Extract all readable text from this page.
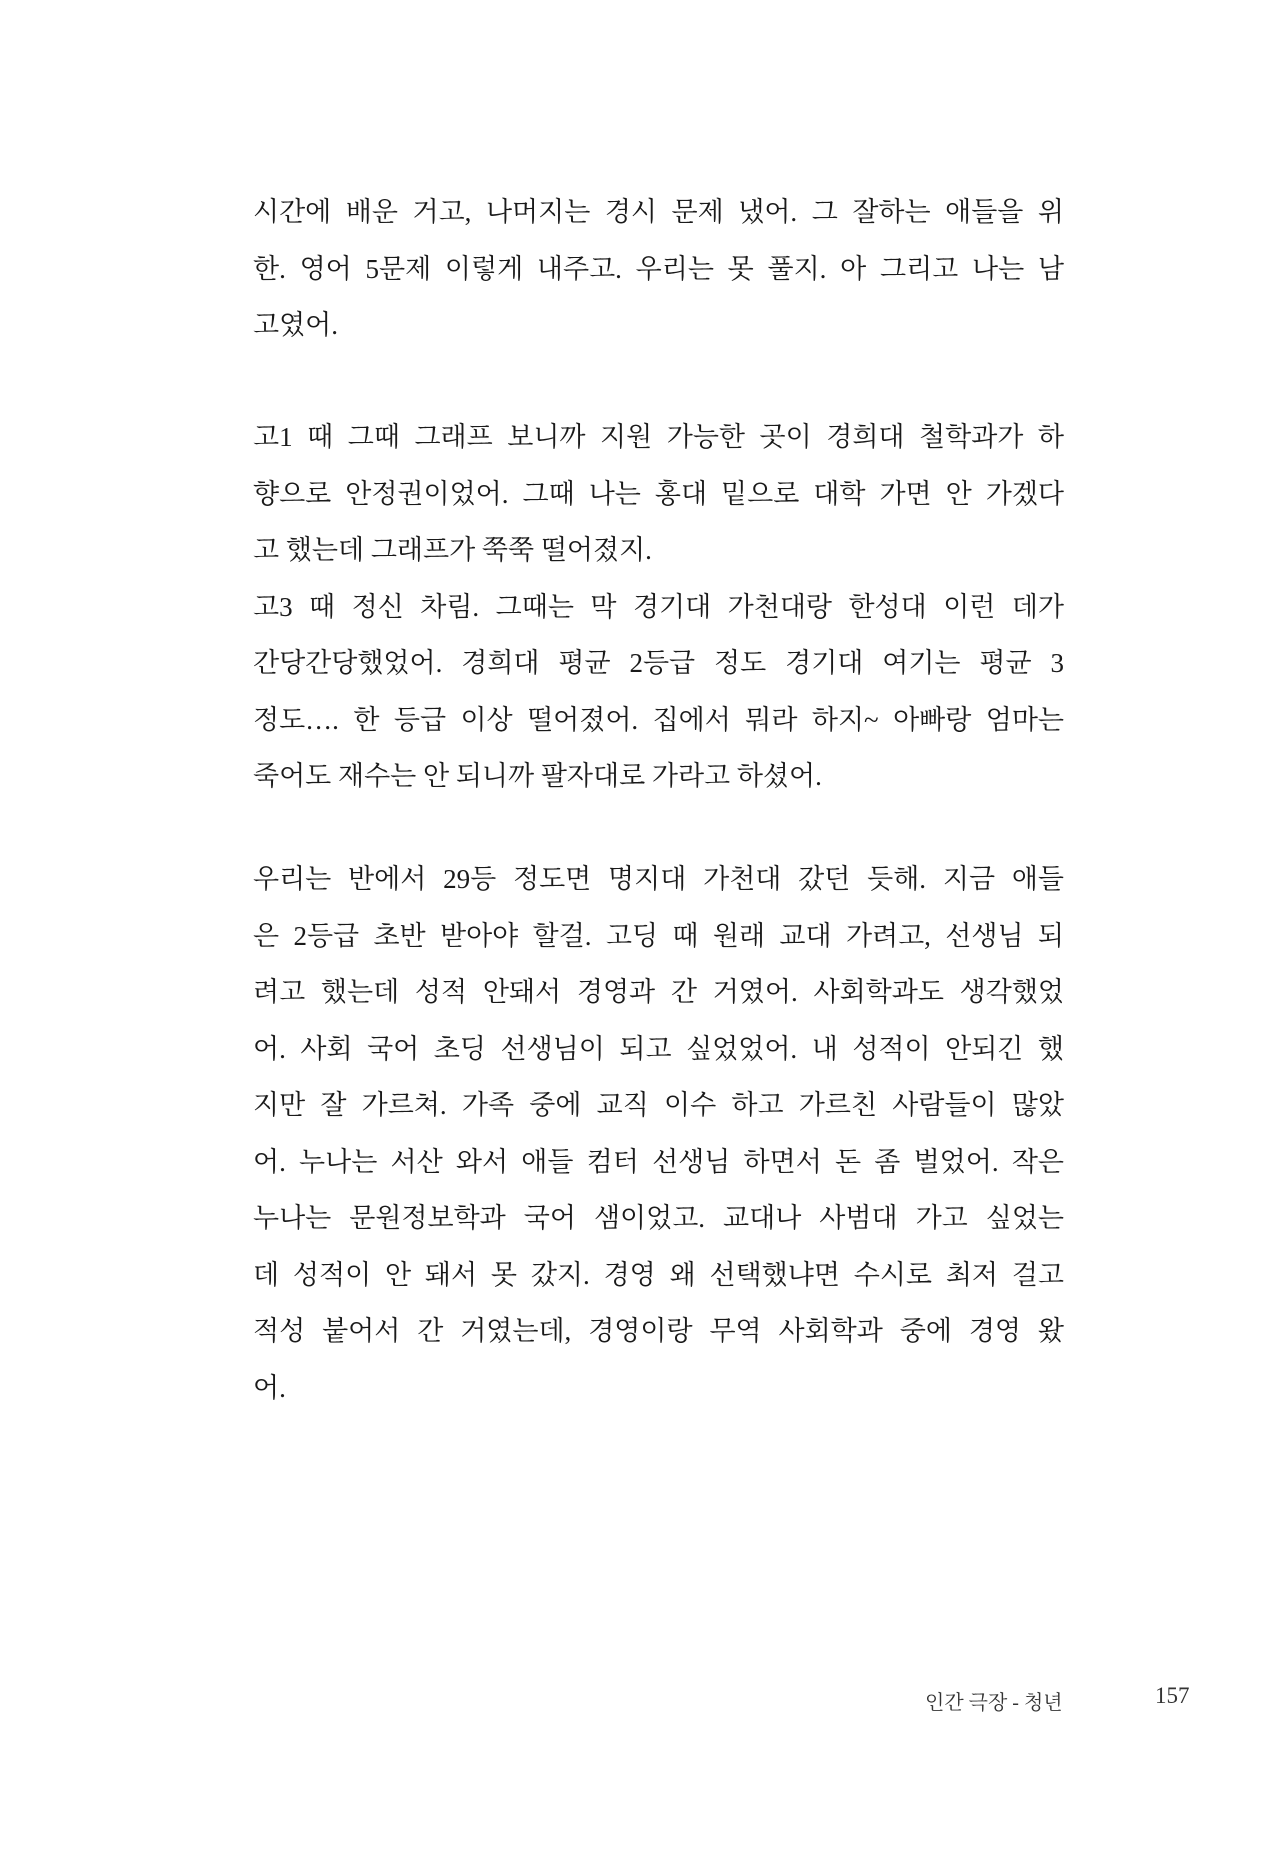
시간에 배운 거고, 나머지는 경시 문제 냈어. 그 잘하는 애들을 위
한. 영어 5문제 이렇게 내주고. 우리는 못 풀지. 아 그리고 나는 남
고였어.
고1 때 그때 그래프 보니까 지원 가능한 곳이 경희대 철학과가 하
향으로 안정권이었어. 그때 나는 홍대 밑으로 대학 가면 안 가겠다
고 했는데 그래프가 쭉쭉 떨어졌지.
고3 때 정신 차림. 그때는 막 경기대 가천대랑 한성대 이런 데가
간당간당했었어. 경희대 평균 2등급 정도 경기대 여기는 평균 3
정도…. 한 등급 이상 떨어졌어. 집에서 뭐라 하지~ 아빠랑 엄마는
죽어도 재수는 안 되니까 팔자대로 가라고 하셨어.
우리는 반에서 29등 정도면 명지대 가천대 갔던 듯해. 지금 애들
은 2등급 초반 받아야 할걸. 고딩 때 원래 교대 가려고, 선생님 되
려고 했는데 성적 안돼서 경영과 간 거였어. 사회학과도 생각했었
어. 사회 국어 초딩 선생님이 되고 싶었었어. 내 성적이 안되긴 했
지만 잘 가르쳐. 가족 중에 교직 이수 하고 가르친 사람들이 많았
어. 누나는 서산 와서 애들 컴터 선생님 하면서 돈 좀 벌었어. 작은
누나는 문원정보학과 국어 샘이었고. 교대나 사범대 가고 싶었는
데 성적이 안 돼서 못 갔지. 경영 왜 선택했냐면 수시로 최저 걸고
적성 붙어서 간 거였는데, 경영이랑 무역 사회학과 중에 경영 왔
어.
인간 극장 - 청년	157
